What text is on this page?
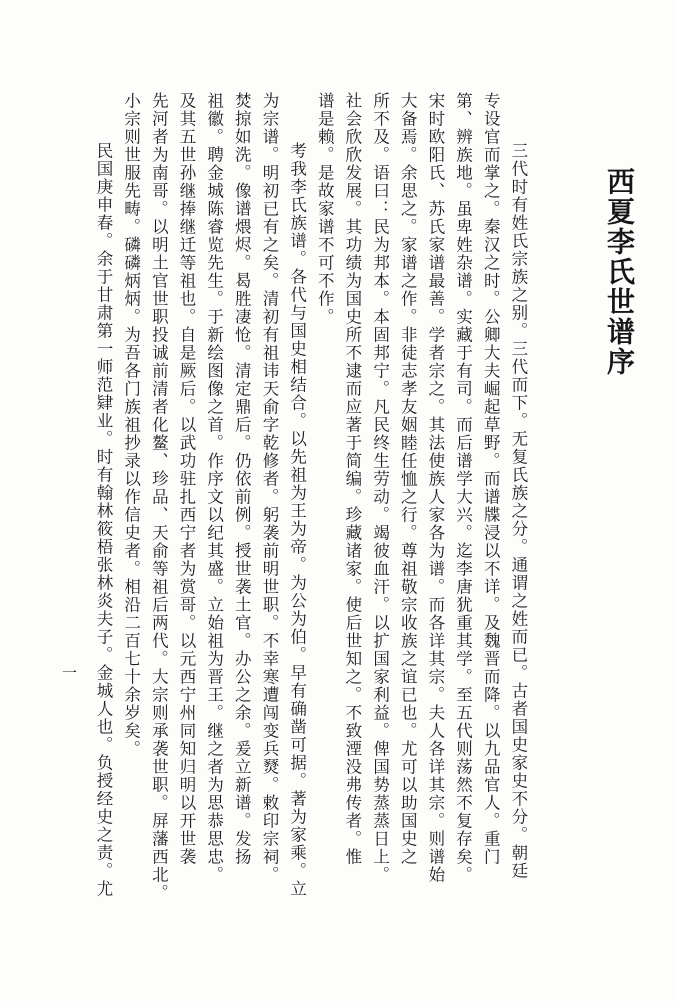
西夏李氏世谱序
三代时有姓氏宗族之别。三代而下。无复氏族之分。通谓之姓而已。古者国史家史不分。朝廷
专设官而掌之。秦汉之时。公卿大夫崛起草野。而谱牒浸以不详。及魏晋而降。以九品官人。重门
第、辨族地。虽卑姓杂谱。实藏于有司。而后谱学大兴。迄李唐犹重其学。至五代则荡然不复存矣。
宋时欧阳氏、苏氏家谱最善。学者宗之。其法使族人家各为谱。而各详其宗。夫人各详其宗。则谱始
大备焉。余思之。家谱之作。非徒志孝友姻睦任恤之行。尊祖敬宗收族之谊已也。尤可以助国史之
所不及。语曰：民为邦本。本固邦宁。凡民终生劳动。竭彼血汗。以扩国家利益。俾国势蒸蒸日上。
社会欣欣发展。其功绩为国史所不逮而应著于简编。珍藏诸家。使后世知之。不致湮没弗传者。惟
谱是赖。是故家谱不可不作。
考我李氏族谱。各代与国史相结合。以先祖为王为帝。为公为伯。早有确凿可据。著为家乘。立
为宗谱。明初已有之矣。清初有祖讳天俞字乾修者。躬袭前明世职。不幸寒遭闯变兵燹。敕印宗祠。
焚掠如洗。像谱煨烬。曷胜凄怆。清定鼎后。仍依前例。授世袭土官。办公之余。爰立新谱。发扬
祖徽。聘金城陈睿览先生。于新绘图像之首。作序文以纪其盛。立始祖为晋王。继之者为思恭思忠。
及其五世孙继捧继迁等祖也。自是厥后。以武功驻扎西宁者为赏哥。以元西宁州同知归明以开世袭
先河者为南哥。以明土官世职投诚前清者化鳌、珍品、天俞等祖后两代。大宗则承袭世职。屏藩西北。
小宗则世服先畴。磷磷炳炳。为吾各门族祖抄录以作信史者。相沿二百七十余岁矣。
民国庚申春。余于甘肃第一师范肄业。时有翰林筱梧张林炎夫子。金城人也。负授经史之责。尤
一
